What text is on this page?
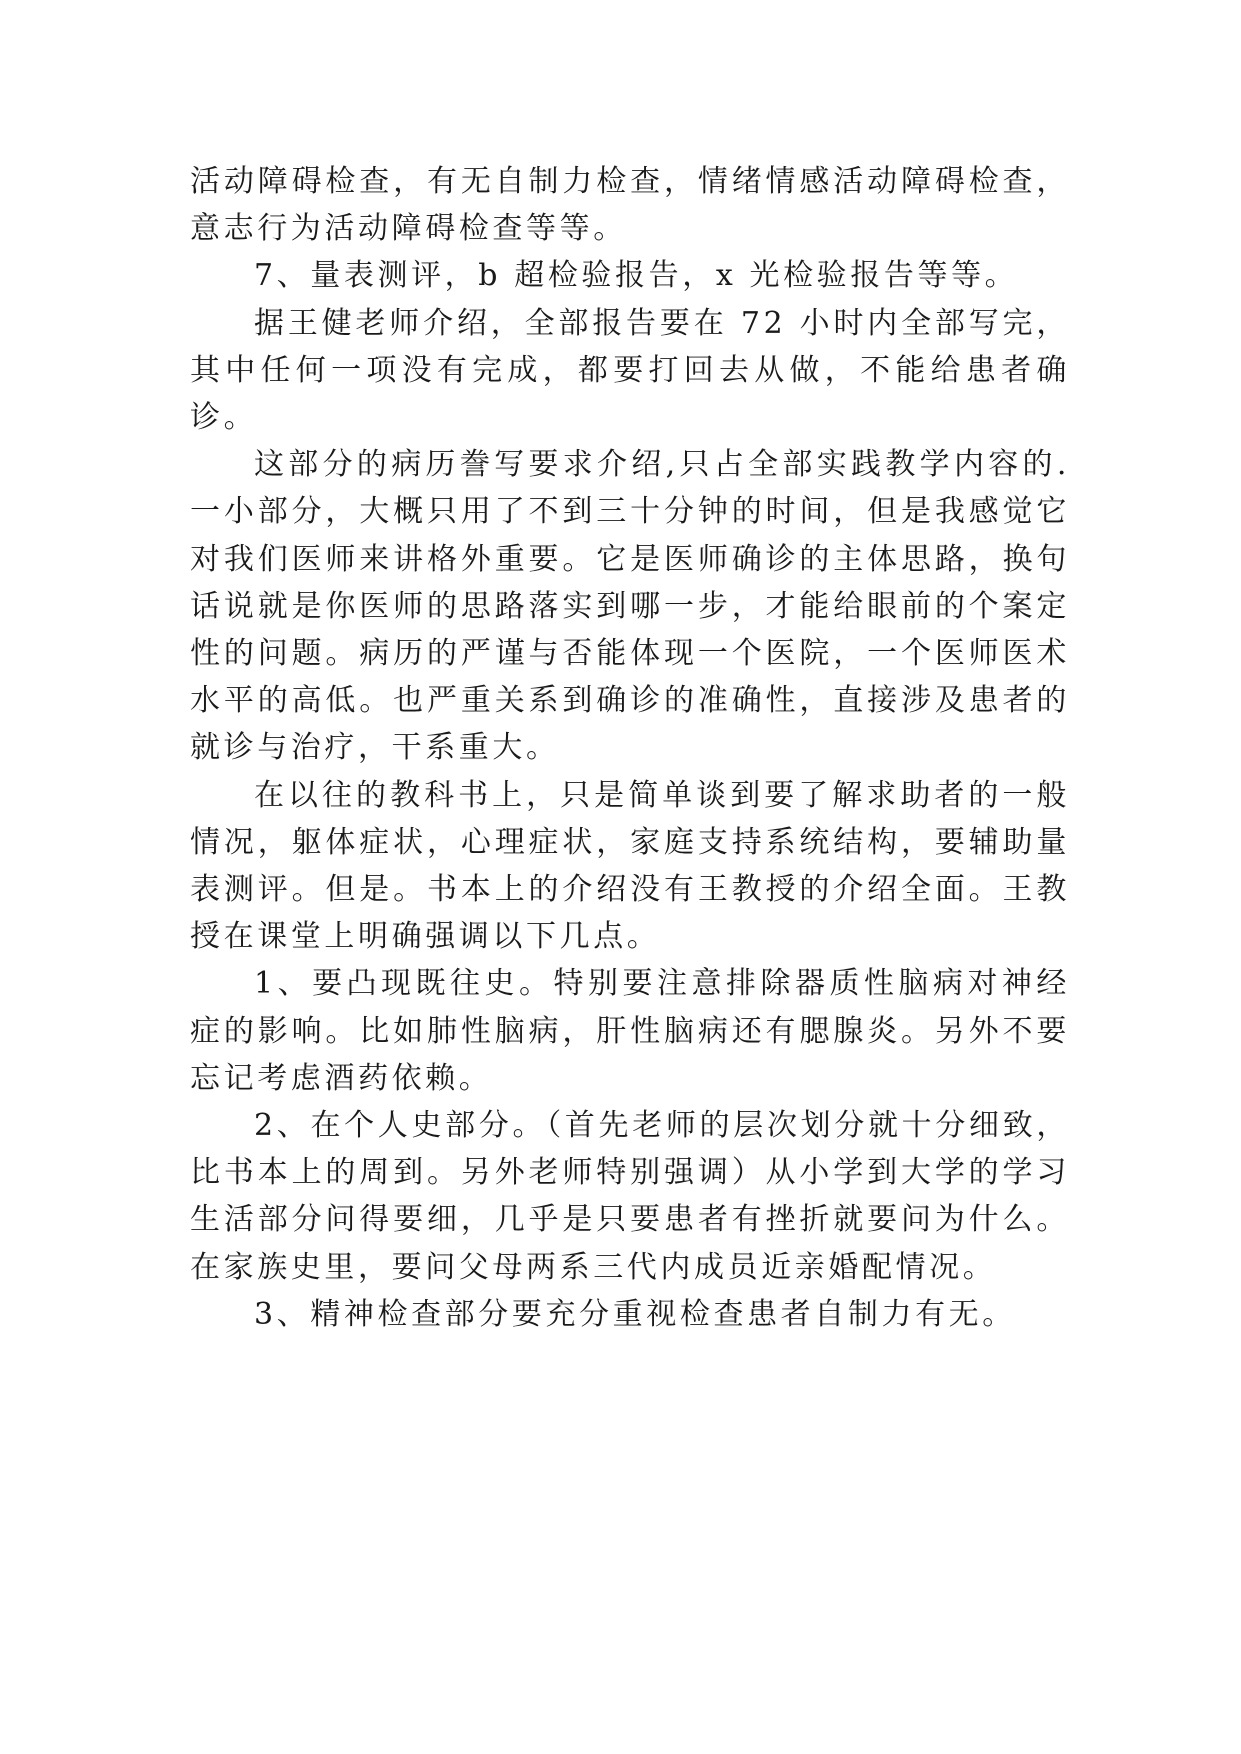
活动障碍检查，有无自制力检查，情绪情感活动障碍检查，意志行为活动障碍检查等等。

7、量表测评，b 超检验报告，x 光检验报告等等。

据王健老师介绍，全部报告要在 72 小时内全部写完，其中任何一项没有完成，都要打回去从做，不能给患者确诊。

这部分的病历誊写要求介绍,只占全部实践教学内容的.一小部分，大概只用了不到三十分钟的时间，但是我感觉它对我们医师来讲格外重要。它是医师确诊的主体思路，换句话说就是你医师的思路落实到哪一步，才能给眼前的个案定性的问题。病历的严谨与否能体现一个医院，一个医师医术水平的高低。也严重关系到确诊的准确性，直接涉及患者的就诊与治疗，干系重大。

在以往的教科书上，只是简单谈到要了解求助者的一般情况，躯体症状，心理症状，家庭支持系统结构，要辅助量表测评。但是。书本上的介绍没有王教授的介绍全面。王教授在课堂上明确强调以下几点。

1、要凸现既往史。特别要注意排除器质性脑病对神经症的影响。比如肺性脑病，肝性脑病还有腮腺炎。另外不要忘记考虑酒药依赖。

2、在个人史部分。（首先老师的层次划分就十分细致，比书本上的周到。另外老师特别强调）从小学到大学的学习生活部分问得要细，几乎是只要患者有挫折就要问为什么。在家族史里，要问父母两系三代内成员近亲婚配情况。

3、精神检查部分要充分重视检查患者自制力有无。
